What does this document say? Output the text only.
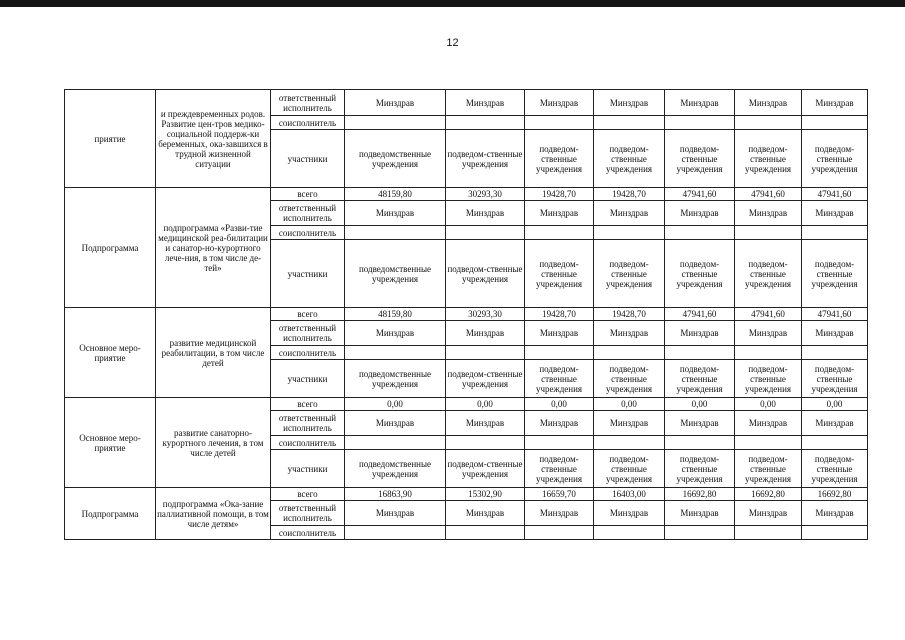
12
приятие	и преждевременных родов. Развитие цен-тров медико-социальной поддерж-ки беременных, ока-завшихся в трудной жизненной ситуации	ответственный исполнитель	Минздрав	Минздрав	Минздрав	Минздрав	Минздрав	Минздрав	Минздрав
		соисполнитель							
		участники	подведомственные учреждения	подведом-ственные учреждения	подведом-ственные учреждения	подведом-ственные учреждения	подведом-ственные учреждения	подведом-ственные учреждения	подведом-ственные учреждения
Подпрограмма	подпрограмма «Разви-тие медицинской реа-билитации и санатор-но-курортного лече-ния, в том числе де-тей»	всего	48159,80	30293,30	19428,70	19428,70	47941,60	47941,60	47941,60
		ответственный исполнитель	Минздрав	Минздрав	Минздрав	Минздрав	Минздрав	Минздрав	Минздрав
		соисполнитель							
		участники	подведомственные учреждения	подведом-ственные учреждения	подведом-ственные учреждения	подведом-ственные учреждения	подведом-ственные учреждения	подведом-ственные учреждения	подведом-ственные учреждения
Основное меро-приятие	развитие медицинской реабилитации, в том числе детей	всего	48159,80	30293,30	19428,70	19428,70	47941,60	47941,60	47941,60
		ответственный исполнитель	Минздрав	Минздрав	Минздрав	Минздрав	Минздрав	Минздрав	Минздрав
		соисполнитель							
		участники	подведомственные учреждения	подведом-ственные учреждения	подведом-ственные учреждения	подведом-ственные учреждения	подведом-ственные учреждения	подведом-ственные учреждения	подведом-ственные учреждения
Основное меро-приятие	развитие санаторно-курортного лечения, в том числе детей	всего	0,00	0,00	0,00	0,00	0,00	0,00	0,00
		ответственный исполнитель	Минздрав	Минздрав	Минздрав	Минздрав	Минздрав	Минздрав	Минздрав
		соисполнитель							
		участники	подведомственные учреждения	подведом-ственные учреждения	подведом-ственные учреждения	подведом-ственные учреждения	подведом-ственные учреждения	подведом-ственные учреждения	подведом-ственные учреждения
Подпрограмма	подпрограмма «Ока-зание паллиативной помощи, в том числе детям»	всего	16863,90	15302,90	16659,70	16403,00	16692,80	16692,80	16692,80
		ответственный исполнитель	Минздрав	Минздрав	Минздрав	Минздрав	Минздрав	Минздрав	Минздрав
		соисполнитель							
